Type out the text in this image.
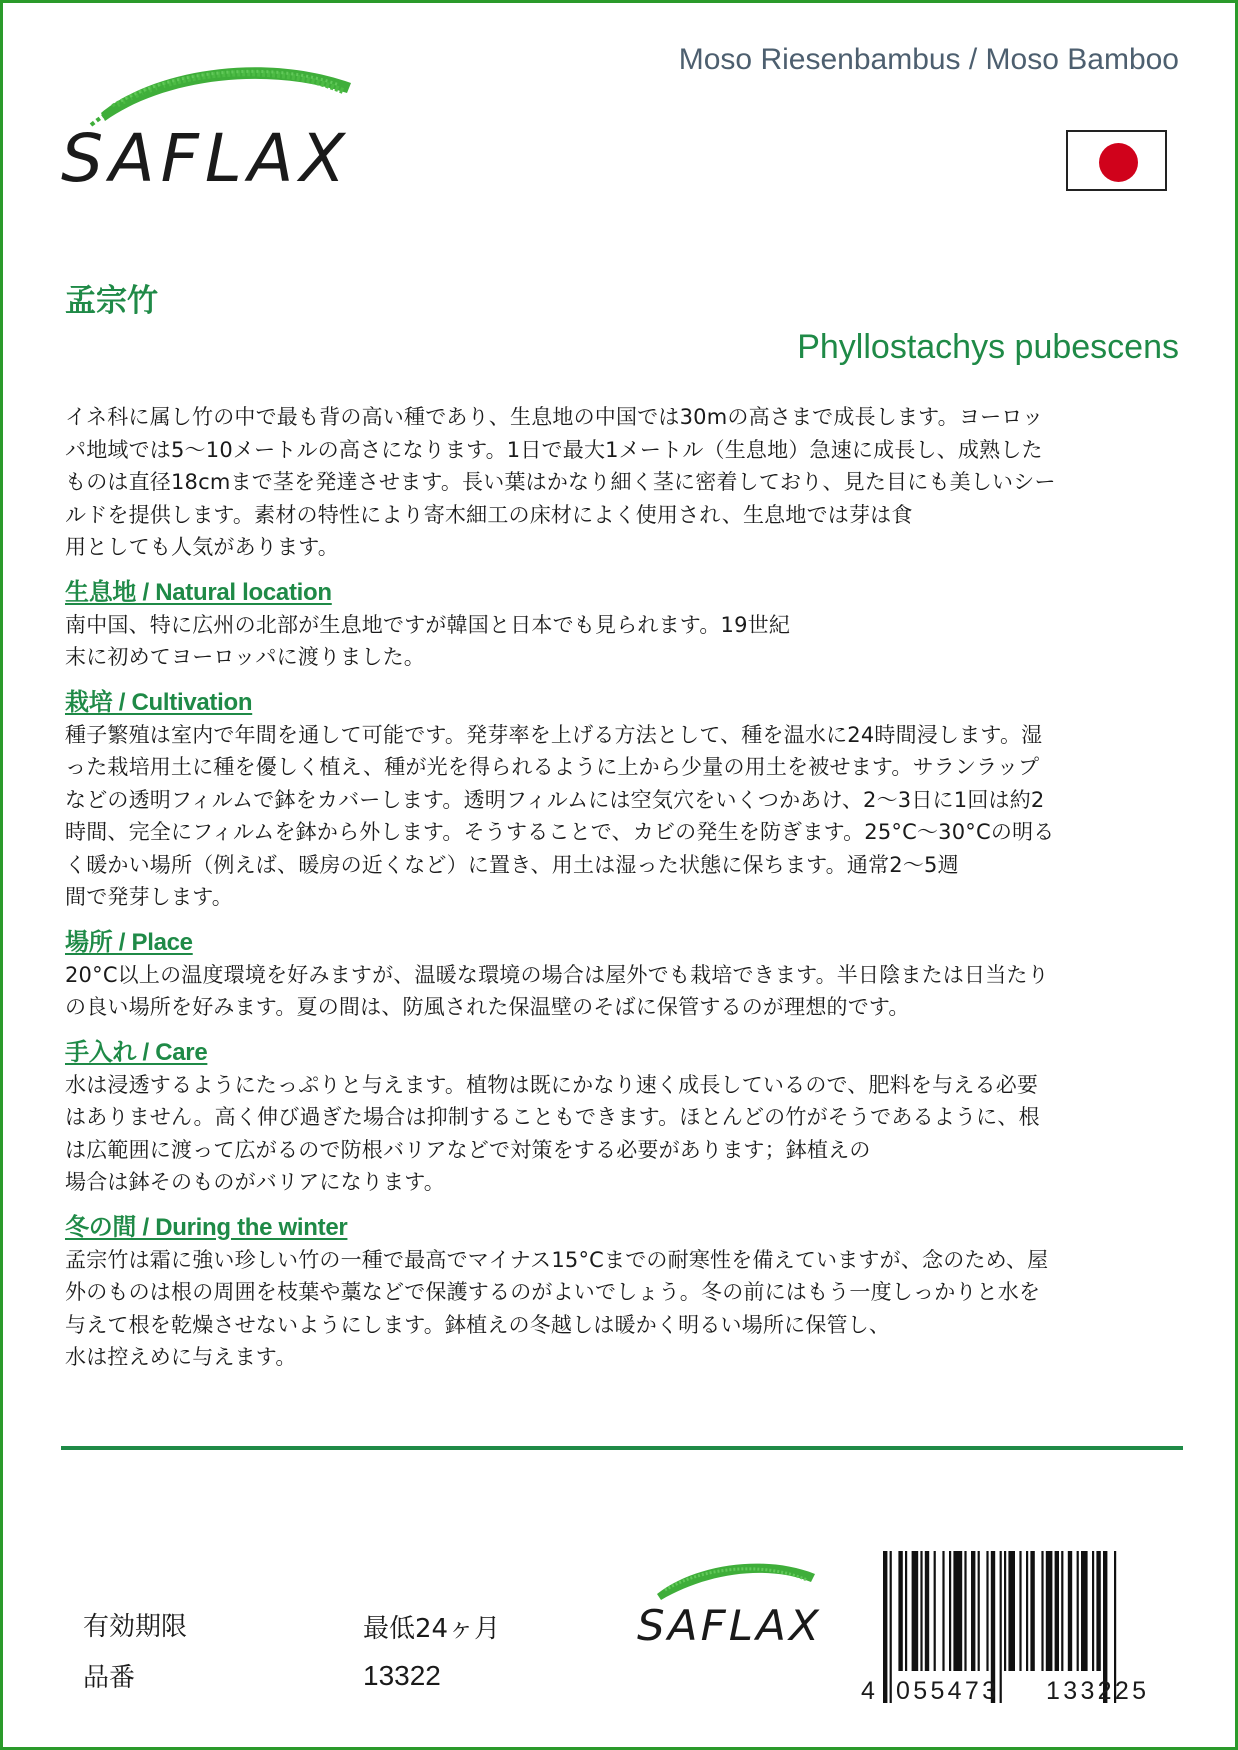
SAFLAX
Moso Riesenbambus / Moso Bamboo
孟宗竹
Phyllostachys pubescens

イネ科に属し竹の中で最も背の高い種であり、生息地の中国では30mの高さまで成長します。ヨーロッ
パ地域では5～10メートルの高さになります。1日で最大1メートル（生息地）急速に成長し、成熟した
ものは直径18cmまで茎を発達させます。長い葉はかなり細く茎に密着しており、見た目にも美しいシー
ルドを提供します。素材の特性により寄木細工の床材によく使用され、生息地では芽は食
用としても人気があります。

生息地 / Natural location

南中国、特に広州の北部が生息地ですが韓国と日本でも見られます。19世紀
末に初めてヨーロッパに渡りました。

栽培 / Cultivation

種子繁殖は室内で年間を通して可能です。発芽率を上げる方法として、種を温水に24時間浸します。湿
った栽培用土に種を優しく植え、種が光を得られるように上から少量の用土を被せます。サランラップ
などの透明フィルムで鉢をカバーします。透明フィルムには空気穴をいくつかあけ、2～3日に1回は約2
時間、完全にフィルムを鉢から外します。そうすることで、カビの発生を防ぎます。25°C〜30°Cの明る
く暖かい場所（例えば、暖房の近くなど）に置き、用土は湿った状態に保ちます。通常2～5週
間で発芽します。

場所 / Place

20°C以上の温度環境を好みますが、温暖な環境の場合は屋外でも栽培できます。半日陰または日当たり
の良い場所を好みます。夏の間は、防風された保温壁のそばに保管するのが理想的です。

手入れ / Care

水は浸透するようにたっぷりと与えます。植物は既にかなり速く成長しているので、肥料を与える必要
はありません。高く伸び過ぎた場合は抑制することもできます。ほとんどの竹がそうであるように、根
は広範囲に渡って広がるので防根バリアなどで対策をする必要があります；鉢植えの
場合は鉢そのものがバリアになります。

冬の間 / During the winter

孟宗竹は霜に強い珍しい竹の一種で最高でマイナス15°Cまでの耐寒性を備えていますが、念のため、屋
外のものは根の周囲を枝葉や藁などで保護するのがよいでしょう。冬の前にはもう一度しっかりと水を
与えて根を乾燥させないようにします。鉢植えの冬越しは暖かく明るい場所に保管し、
水は控えめに与えます。

有効期限
品番
最低24ヶ月
13322
SAFLAX
4 055473 133225
